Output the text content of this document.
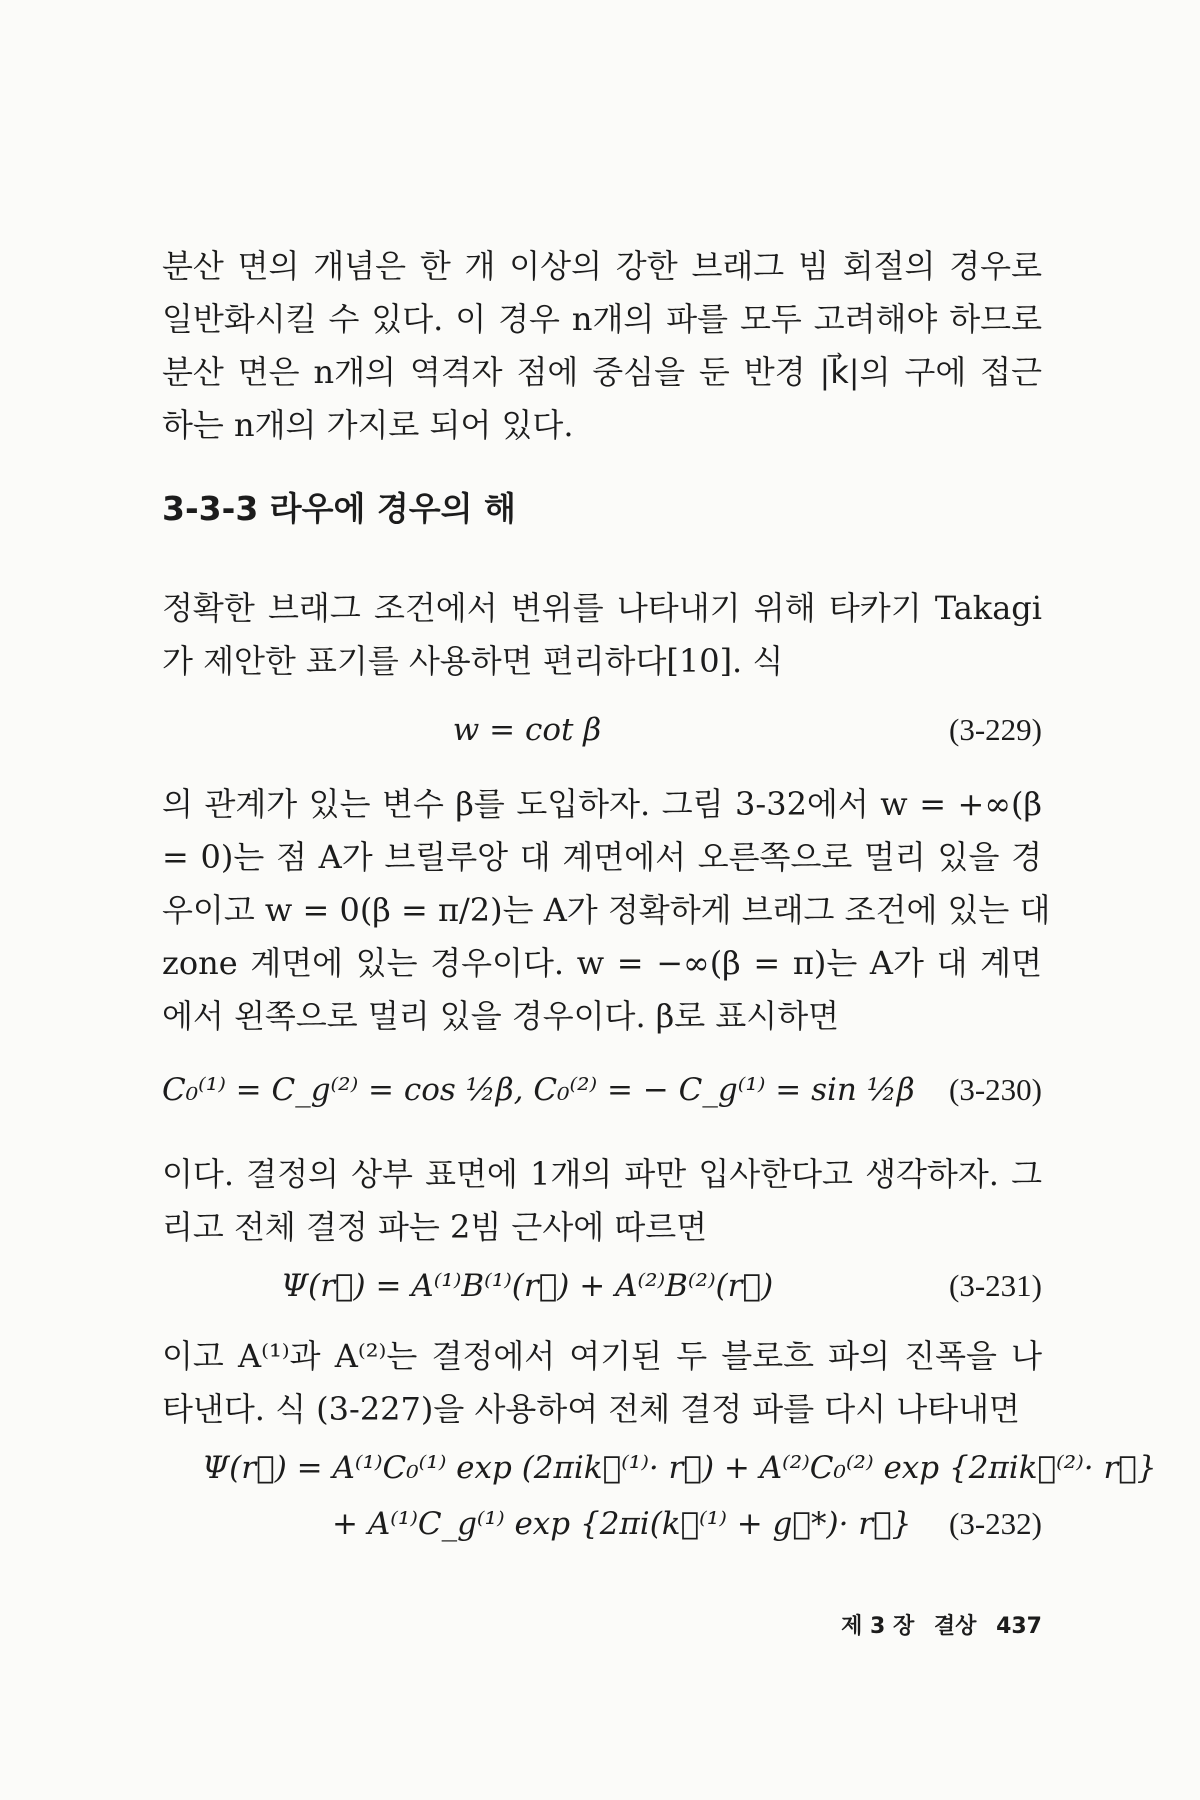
분산 면의 개념은 한 개 이상의 강한 브래그 빔 회절의 경우로
일반화시킬 수 있다. 이 경우 n개의 파를 모두 고려해야 하므로
분산 면은 n개의 역격자 점에 중심을 둔 반경 |k⃗|의 구에 접근
하는 n개의 가지로 되어 있다.

3-3-3 라우에 경우의 해

정확한 브래그 조건에서 변위를 나타내기 위해 타카기 Takagi
가 제안한 표기를 사용하면 편리하다[10]. 식

w = cot β	(3-229)

의 관계가 있는 변수 β를 도입하자. 그림 3-32에서 w = +∞(β
= 0)는 점 A가 브릴루앙 대 계면에서 오른쪽으로 멀리 있을 경
우이고 w = 0(β = π/2)는 A가 정확하게 브래그 조건에 있는 대
zone 계면에 있는 경우이다. w = −∞(β = π)는 A가 대 계면
에서 왼쪽으로 멀리 있을 경우이다. β로 표시하면

C₀⁽¹⁾ = C_g⁽²⁾ = cos ½β, C₀⁽²⁾ = − C_g⁽¹⁾ = sin ½β (3-230)

이다. 결정의 상부 표면에 1개의 파만 입사한다고 생각하자. 그
리고 전체 결정 파는 2빔 근사에 따르면

Ψ(r⃗) = A⁽¹⁾B⁽¹⁾(r⃗) + A⁽²⁾B⁽²⁾(r⃗)	(3-231)

이고 A⁽¹⁾과 A⁽²⁾는 결정에서 여기된 두 블로흐 파의 진폭을 나
타낸다. 식 (3-227)을 사용하여 전체 결정 파를 다시 나타내면

Ψ(r⃗) = A⁽¹⁾C₀⁽¹⁾ exp (2πik⃗⁽¹⁾· r⃗) + A⁽²⁾C₀⁽²⁾ exp {2πik⃗⁽²⁾· r⃗}
+ A⁽¹⁾C_g⁽¹⁾ exp {2πi(k⃗⁽¹⁾ + g⃗*)· r⃗} (3-232)
제 3 장 결상 437
